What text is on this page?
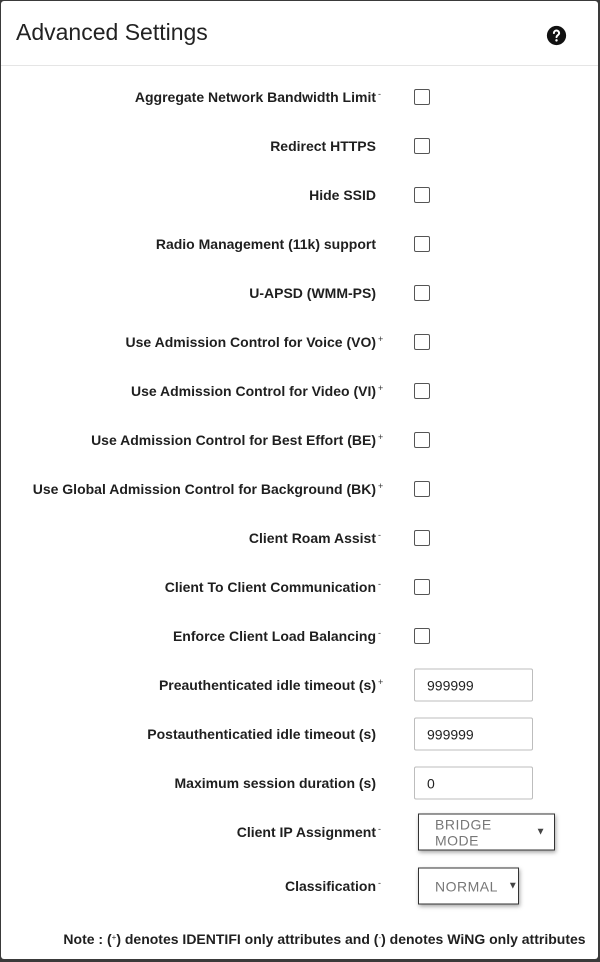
Advanced Settings
Aggregate Network Bandwidth Limit -
Redirect HTTPS
Hide SSID
Radio Management (11k) support
U-APSD (WMM-PS)
Use Admission Control for Voice (VO) +
Use Admission Control for Video (VI) +
Use Admission Control for Best Effort (BE) +
Use Global Admission Control for Background (BK) +
Client Roam Assist -
Client To Client Communication -
Enforce Client Load Balancing -
Preauthenticated idle timeout (s) +
999999
Postauthenticatied idle timeout (s)
999999
Maximum session duration (s)
0
Client IP Assignment -	BRIDGE MODE	▼
Classification -	NORMAL ▼
Note : (+) denotes IDENTIFI only attributes and (-) denotes WiNG only attributes
